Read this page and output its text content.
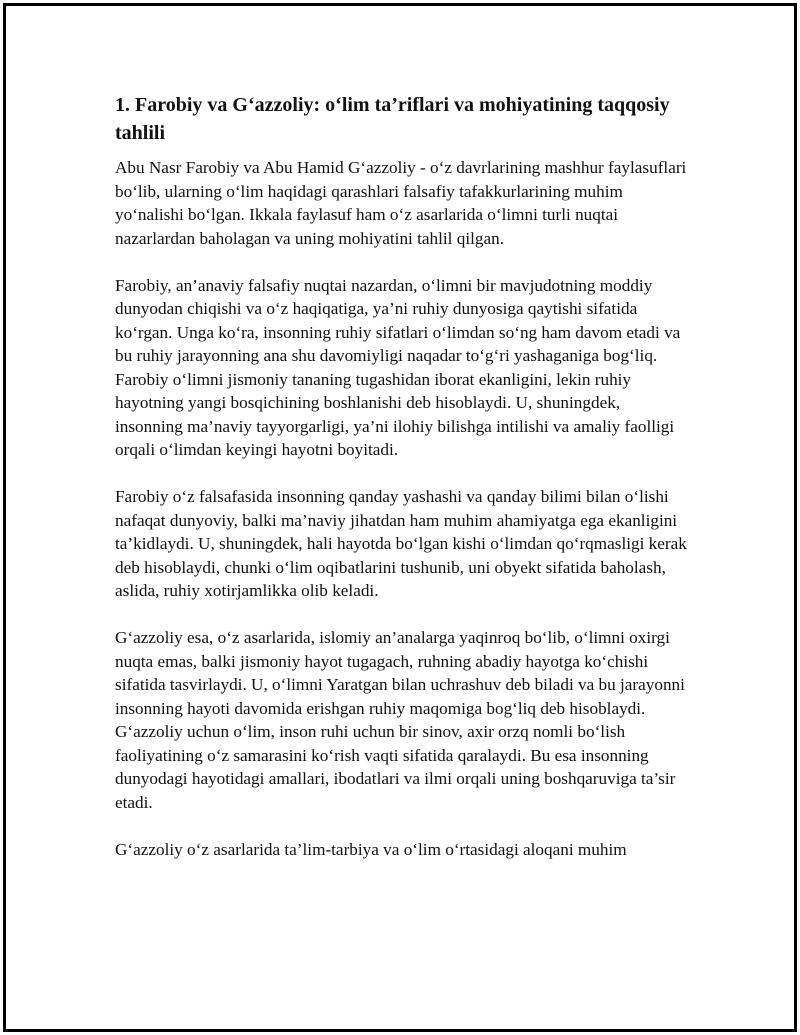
1. Farobiy va G‘azzoliy: o‘lim ta’riflari va mohiyatining taqqosiy tahlili

Abu Nasr Farobiy va Abu Hamid G‘azzoliy - o‘z davrlarining mashhur faylasuflari bo‘lib, ularning o‘lim haqidagi qarashlari falsafiy tafakkurlarining muhim yo‘nalishi bo‘lgan. Ikkala faylasuf ham o‘z asarlarida o‘limni turli nuqtai nazarlardan baholagan va uning mohiyatini tahlil qilgan.

Farobiy, an’anaviy falsafiy nuqtai nazardan, o‘limni bir mavjudotning moddiy dunyodan chiqishi va o‘z haqiqatiga, ya’ni ruhiy dunyosiga qaytishi sifatida ko‘rgan. Unga ko‘ra, insonning ruhiy sifatlari o‘limdan so‘ng ham davom etadi va bu ruhiy jarayonning ana shu davomiyligi naqadar to‘g‘ri yashaganiga bog‘liq. Farobiy o‘limni jismoniy tananing tugashidan iborat ekanligini, lekin ruhiy hayotning yangi bosqichining boshlanishi deb hisoblaydi. U, shuningdek, insonning ma’naviy tayyorgarligi, ya’ni ilohiy bilishga intilishi va amaliy faolligi orqali o‘limdan keyingi hayotni boyitadi.

Farobiy o‘z falsafasida insonning qanday yashashi va qanday bilimi bilan o‘lishi nafaqat dunyoviy, balki ma’naviy jihatdan ham muhim ahamiyatga ega ekanligini ta’kidlaydi. U, shuningdek, hali hayotda bo‘lgan kishi o‘limdan qo‘rqmasligi kerak deb hisoblaydi, chunki o‘lim oqibatlarini tushunib, uni obyekt sifatida baholash, aslida, ruhiy xotirjamlikka olib keladi.

G‘azzoliy esa, o‘z asarlarida, islomiy an’analarga yaqinroq bo‘lib, o‘limni oxirgi nuqta emas, balki jismoniy hayot tugagach, ruhning abadiy hayotga ko‘chishi sifatida tasvirlaydi. U, o‘limni Yaratgan bilan uchrashuv deb biladi va bu jarayonni insonning hayoti davomida erishgan ruhiy maqomiga bog‘liq deb hisoblaydi. G‘azzoliy uchun o‘lim, inson ruhi uchun bir sinov, axir orzq nomli bo‘lish faoliyatining o‘z samarasini ko‘rish vaqti sifatida qaralaydi. Bu esa insonning dunyodagi hayotidagi amallari, ibodatlari va ilmi orqali uning boshqaruviga ta’sir etadi.

G‘azzoliy o‘z asarlarida ta’lim-tarbiya va o‘lim o‘rtasidagi aloqani muhim
